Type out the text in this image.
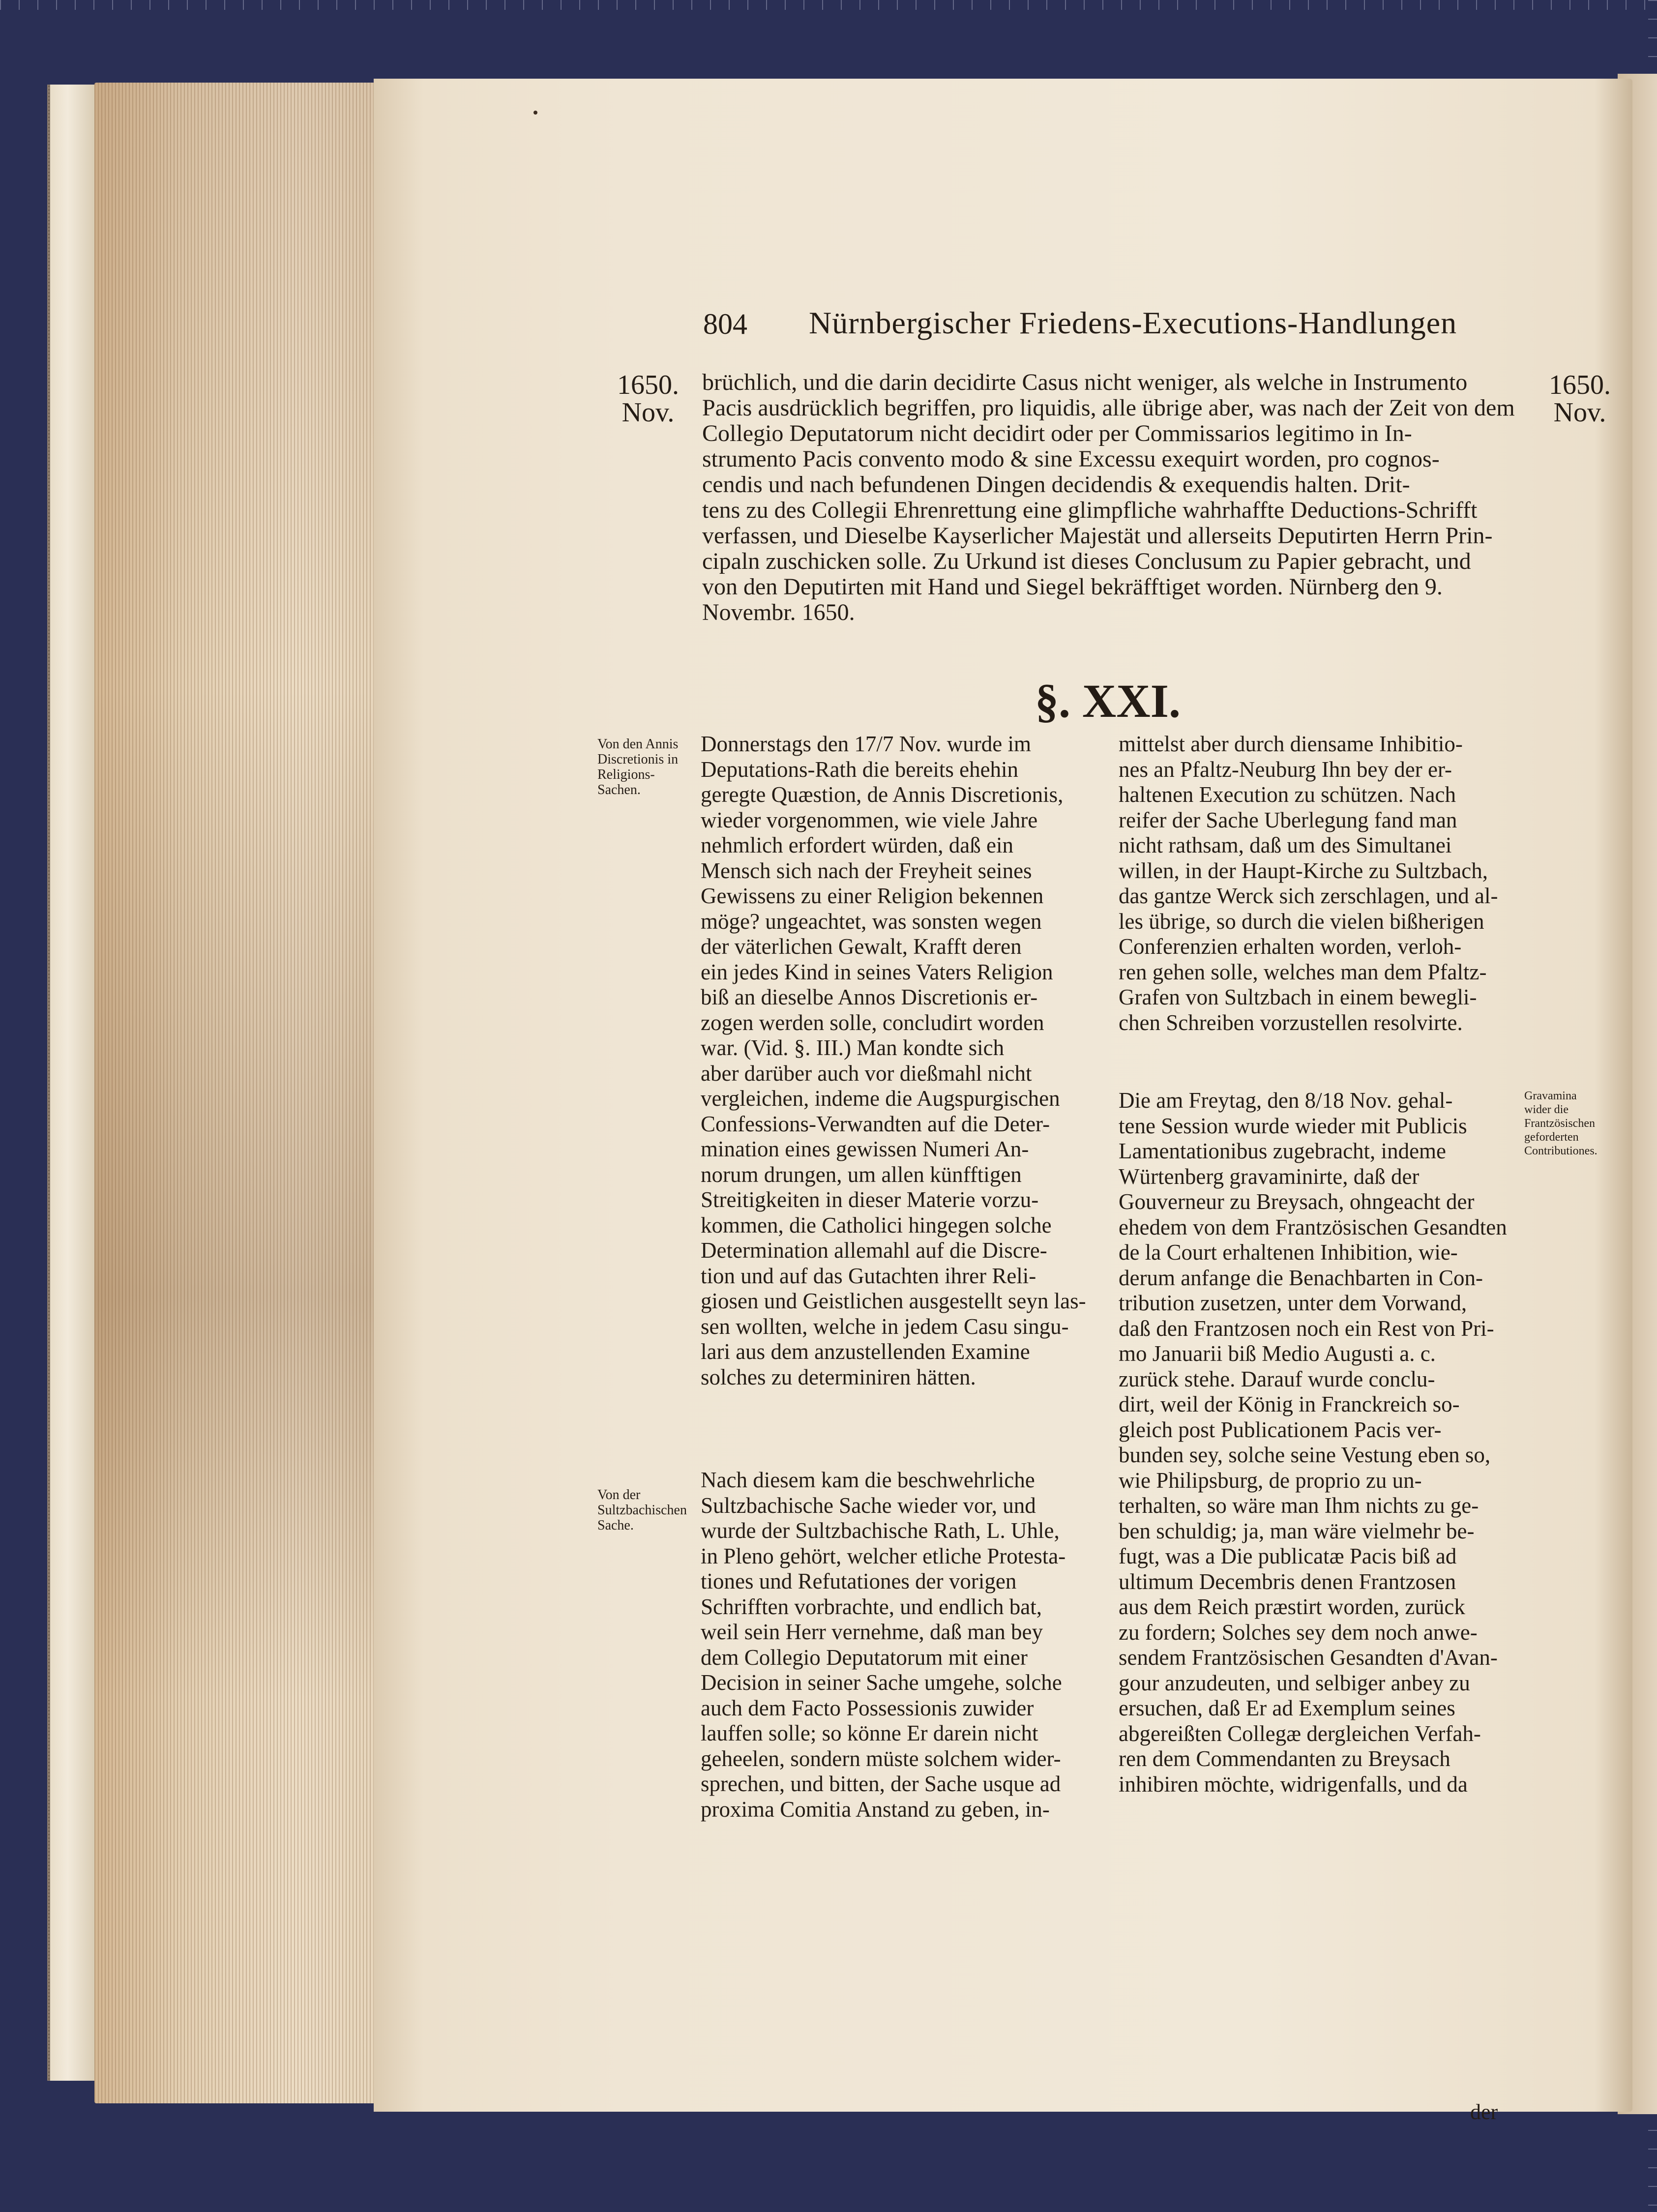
804 Nürnbergischer Friedens-Executions-Handlungen
1650.
Nov.
1650.
Nov.
brüchlich, und die darin decidirte Casus nicht weniger, als welche in Instrumento
Pacis ausdrücklich begriffen, pro liquidis, alle übrige aber, was nach der Zeit von dem
Collegio Deputatorum nicht decidirt oder per Commissarios legitimo in In-
strumento Pacis convento modo & sine Excessu exequirt worden, pro cognos-
cendis und nach befundenen Dingen decidendis & exequendis halten. Drit-
tens zu des Collegii Ehrenrettung eine glimpfliche wahrhaffte Deductions-Schrifft
verfassen, und Dieselbe Kayserlicher Majestät und allerseits Deputirten Herrn Prin-
cipaln zuschicken solle. Zu Urkund ist dieses Conclusum zu Papier gebracht, und
von den Deputirten mit Hand und Siegel bekräfftiget worden. Nürnberg den 9.
Novembr. 1650.
§. XXI.
Von den Annis Discretionis in Religions-Sachen.
Von der Sultzbachischen Sache.
Gravamina wider die Frantzösischen geforderten Contributiones.
Donnerstags den 17/7 Nov. wurde im
Deputations-Rath die bereits ehehin
geregte Quæstion, de Annis Discretionis,
wieder vorgenommen, wie viele Jahre
nehmlich erfordert würden, daß ein
Mensch sich nach der Freyheit seines
Gewissens zu einer Religion bekennen
möge? ungeachtet, was sonsten wegen
der väterlichen Gewalt, Krafft deren
ein jedes Kind in seines Vaters Religion
biß an dieselbe Annos Discretionis er-
zogen werden solle, concludirt worden
war. (Vid. §. III.) Man kondte sich
aber darüber auch vor dießmahl nicht
vergleichen, indeme die Augspurgischen
Confessions-Verwandten auf die Deter-
mination eines gewissen Numeri An-
norum drungen, um allen künfftigen
Streitigkeiten in dieser Materie vorzu-
kommen, die Catholici hingegen solche
Determination allemahl auf die Discre-
tion und auf das Gutachten ihrer Reli-
giosen und Geistlichen ausgestellt seyn las-
sen wollten, welche in jedem Casu singu-
lari aus dem anzustellenden Examine
solches zu determiniren hätten.
Nach diesem kam die beschwehrliche
Sultzbachische Sache wieder vor, und
wurde der Sultzbachische Rath, L. Uhle,
in Pleno gehört, welcher etliche Protesta-
tiones und Refutationes der vorigen
Schrifften vorbrachte, und endlich bat,
weil sein Herr vernehme, daß man bey
dem Collegio Deputatorum mit einer
Decision in seiner Sache umgehe, solche
auch dem Facto Possessionis zuwider
lauffen solle; so könne Er darein nicht
geheelen, sondern müste solchem wider-
sprechen, und bitten, der Sache usque ad
proxima Comitia Anstand zu geben, in-
mittelst aber durch diensame Inhibitio-
nes an Pfaltz-Neuburg Ihn bey der er-
haltenen Execution zu schützen. Nach
reifer der Sache Uberlegung fand man
nicht rathsam, daß um des Simultanei
willen, in der Haupt-Kirche zu Sultzbach,
das gantze Werck sich zerschlagen, und al-
les übrige, so durch die vielen bißherigen
Conferenzien erhalten worden, verloh-
ren gehen solle, welches man dem Pfaltz-
Grafen von Sultzbach in einem bewegli-
chen Schreiben vorzustellen resolvirte.
Die am Freytag, den 8/18 Nov. gehal-
tene Session wurde wieder mit Publicis
Lamentationibus zugebracht, indeme
Würtenberg gravaminirte, daß der
Gouverneur zu Breysach, ohngeacht der
ehedem von dem Frantzösischen Gesandten
de la Court erhaltenen Inhibition, wie-
derum anfange die Benachbarten in Con-
tribution zusetzen, unter dem Vorwand,
daß den Frantzosen noch ein Rest von Pri-
mo Januarii biß Medio Augusti a. c.
zurück stehe. Darauf wurde conclu-
dirt, weil der König in Franckreich so-
gleich post Publicationem Pacis ver-
bunden sey, solche seine Vestung eben so,
wie Philipsburg, de proprio zu un-
terhalten, so wäre man Ihm nichts zu ge-
ben schuldig; ja, man wäre vielmehr be-
fugt, was a Die publicatæ Pacis biß ad
ultimum Decembris denen Frantzosen
aus dem Reich præstirt worden, zurück
zu fordern; Solches sey dem noch anwe-
sendem Frantzösischen Gesandten d'Avan-
gour anzudeuten, und selbiger anbey zu
ersuchen, daß Er ad Exemplum seines
abgereißten Collegæ dergleichen Verfah-
ren dem Commendanten zu Breysach
inhibiren möchte, widrigenfalls, und da
der
